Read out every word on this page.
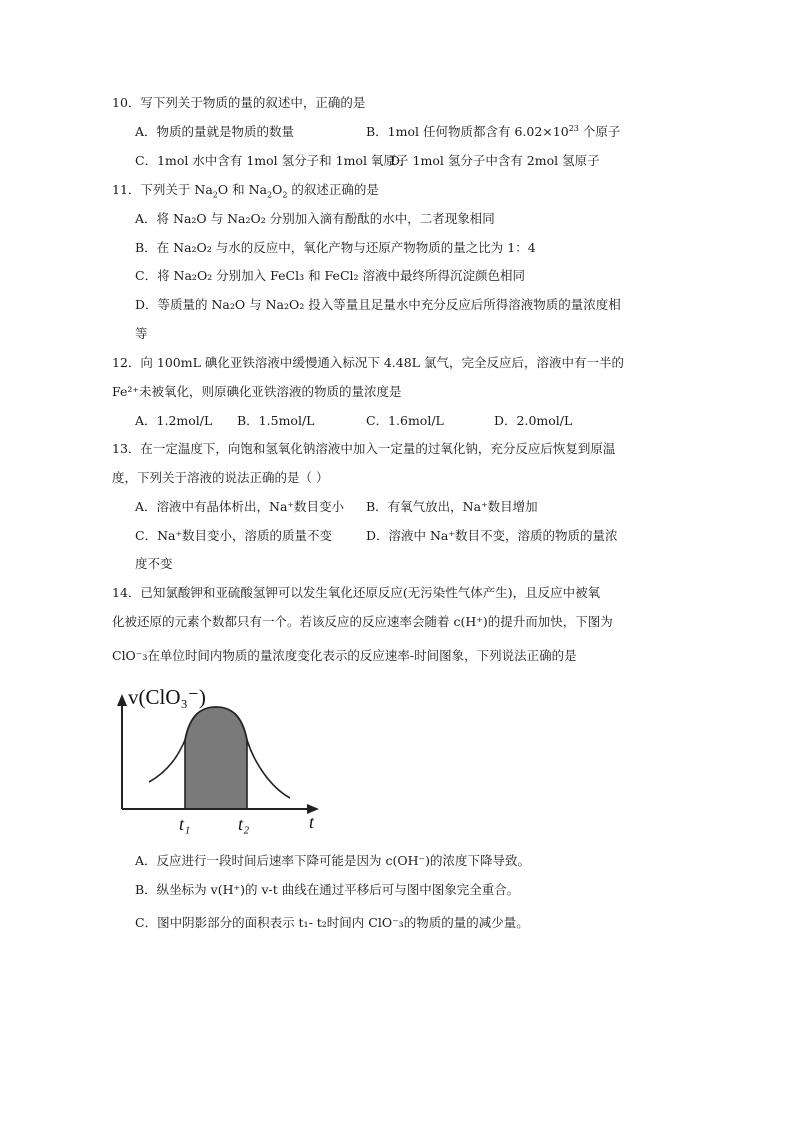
10．写下列关于物质的量的叙述中，正确的是
A．物质的量就是物质的数量	B．1mol 任何物质都含有 $6.02\times 10^{23}$ 个原子
C．1mol 水中含有 1mol 氢分子和 1mol 氧原子
D．1mol 氢分子中含有 2mol 氢原子
11．下列关于 $Na_2O$ 和 $Na_2O_2$ 的叙述正确的是
A．将 Na₂O 与 Na₂O₂ 分别加入滴有酚酞的水中，二者现象相同
B．在 Na₂O₂ 与水的反应中，氧化产物与还原产物物质的量之比为 1：4
C．将 Na₂O₂ 分别加入 FeCl₃ 和 FeCl₂ 溶液中最终所得沉淀颜色相同
D．等质量的 Na₂O 与 Na₂O₂ 投入等量且足量水中充分反应后所得溶液物质的量浓度相
等
12．向 100mL 碘化亚铁溶液中缓慢通入标况下 4.48L 氯气，完全反应后，溶液中有一半的
Fe²⁺未被氧化，则原碘化亚铁溶液的物质的量浓度是
A．1.2mol/L B．1.5mol/L	C．1.6mol/L	D．2.0mol/L
13．在一定温度下，向饱和氢氧化钠溶液中加入一定量的过氧化钠，充分反应后恢复到原温
度，下列关于溶液的说法正确的是（ ）
A．溶液中有晶体析出，Na⁺数目变小 B．有氧气放出，Na⁺数目增加
C．Na⁺数目变小，溶质的质量不变	D．溶液中 Na⁺数目不变，溶质的物质的量浓
度不变
14．已知氯酸钾和亚硫酸氢钾可以发生氧化还原反应(无污染性气体产生)，且反应中被氧
化被还原的元素个数都只有一个。若该反应的反应速率会随着 c(H⁺)的提升而加快，下图为
ClO⁻₃在单位时间内物质的量浓度变化表示的反应速率-时间图象，下列说法正确的是
v(ClO₃⁻)
t
t₁	t₂
A．反应进行一段时间后速率下降可能是因为 c(OH⁻)的浓度下降导致。
B．纵坐标为 v(H⁺)的 v-t 曲线在通过平移后可与图中图象完全重合。
C．图中阴影部分的面积表示 t₁- t₂时间内 ClO⁻₃的物质的量的减少量。
